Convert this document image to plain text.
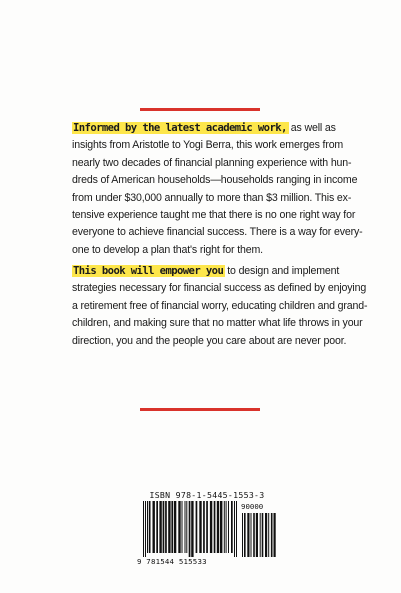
Informed by the latest academic work, as well as
insights from Aristotle to Yogi Berra, this work emerges from
nearly two decades of financial planning experience with hun-
dreds of American households—households ranging in income
from under $30,000 annually to more than $3 million. This ex-
tensive experience taught me that there is no one right way for
everyone to achieve financial success. There is a way for every-
one to develop a plan that's right for them.
This book will empower you to design and implement
strategies necessary for financial success as defined by enjoying
a retirement free of financial worry, educating children and grand-
children, and making sure that no matter what life throws in your
direction, you and the people you care about are never poor.
ISBN 978-1-5445-1553-3
9 781544 515533
90000
